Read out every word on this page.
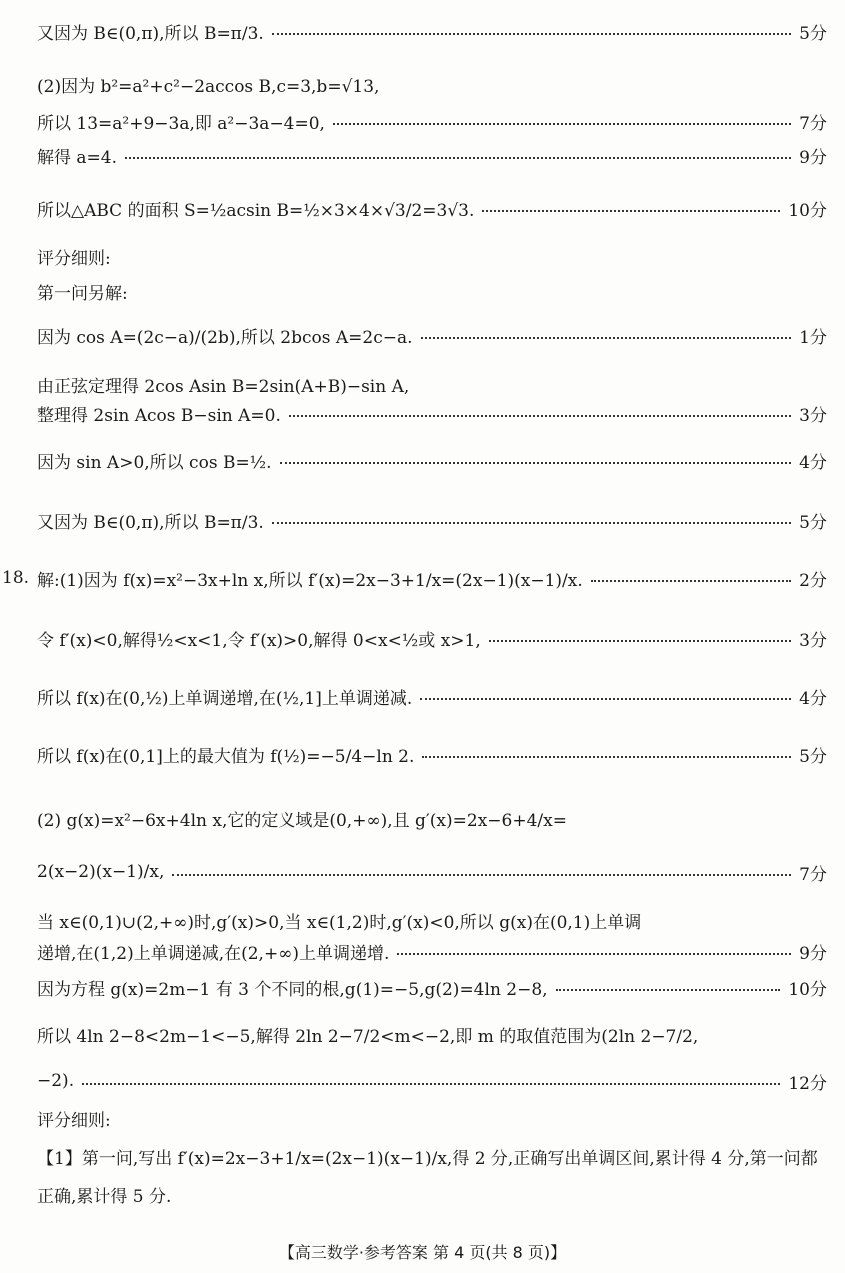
又因为 B∈(0,π),所以 B=π/3.	5分
(2)因为 b²=a²+c²−2accos B,c=3,b=√13,
所以 13=a²+9−3a,即 a²−3a−4=0,	7分
解得 a=4.	9分
所以△ABC 的面积 S=½acsin B=½×3×4×√3/2=3√3.	10分
评分细则:
第一问另解:
因为 cos A=(2c−a)/(2b),所以 2bcos A=2c−a.	1分
由正弦定理得 2cos Asin B=2sin(A+B)−sin A,
整理得 2sin Acos B−sin A=0.	3分
因为 sin A>0,所以 cos B=½.	4分
又因为 B∈(0,π),所以 B=π/3.	5分
18. 解:(1)因为 f(x)=x²−3x+ln x,所以 f′(x)=2x−3+1/x=(2x−1)(x−1)/x.	2分
令 f′(x)<0,解得½<x<1,令 f′(x)>0,解得 0<x<½或 x>1,	3分
所以 f(x)在(0,½)上单调递增,在(½,1]上单调递减.	4分
所以 f(x)在(0,1]上的最大值为 f(½)=−5/4−ln 2.	5分
(2) g(x)=x²−6x+4ln x,它的定义域是(0,+∞),且 g′(x)=2x−6+4/x=
2(x−2)(x−1)/x,	7分
当 x∈(0,1)∪(2,+∞)时,g′(x)>0,当 x∈(1,2)时,g′(x)<0,所以 g(x)在(0,1)上单调
递增,在(1,2)上单调递减,在(2,+∞)上单调递增.	9分
因为方程 g(x)=2m−1 有 3 个不同的根,g(1)=−5,g(2)=4ln 2−8,	10分
所以 4ln 2−8<2m−1<−5,解得 2ln 2−7/2<m<−2,即 m 的取值范围为(2ln 2−7/2,
−2).	12分
评分细则:
【1】第一问,写出 f′(x)=2x−3+1/x=(2x−1)(x−1)/x,得 2 分,正确写出单调区间,累计得 4 分,第一问都正确,累计得 5 分.
【高三数学·参考答案 第 4 页(共 8 页)】
